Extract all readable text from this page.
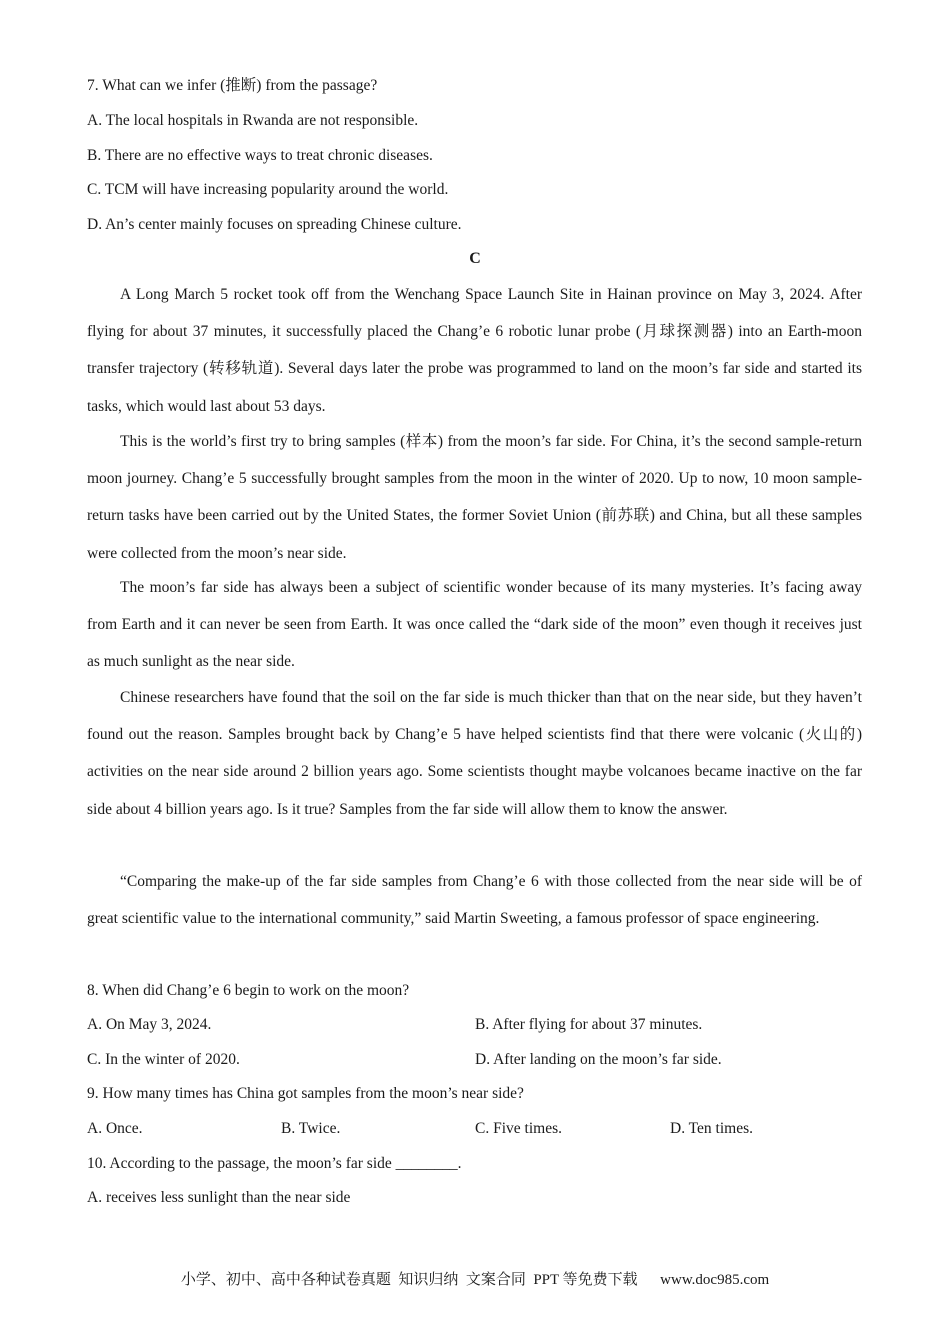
7. What can we infer (推断) from the passage?
A. The local hospitals in Rwanda are not responsible.
B. There are no effective ways to treat chronic diseases.
C. TCM will have increasing popularity around the world.
D. An’s center mainly focuses on spreading Chinese culture.
C
A Long March 5 rocket took off from the Wenchang Space Launch Site in Hainan province on May 3, 2024. After flying for about 37 minutes, it successfully placed the Chang’e 6 robotic lunar probe (月球探测器) into an Earth-moon transfer trajectory (转移轨道). Several days later the probe was programmed to land on the moon’s far side and started its tasks, which would last about 53 days.
This is the world’s first try to bring samples (样本) from the moon’s far side. For China, it’s the second sample-return moon journey. Chang’e 5 successfully brought samples from the moon in the winter of 2020. Up to now, 10 moon sample-return tasks have been carried out by the United States, the former Soviet Union (前苏联) and China, but all these samples were collected from the moon’s near side.
The moon’s far side has always been a subject of scientific wonder because of its many mysteries. It’s facing away from Earth and it can never be seen from Earth. It was once called the “dark side of the moon” even though it receives just as much sunlight as the near side.
Chinese researchers have found that the soil on the far side is much thicker than that on the near side, but they haven’t found out the reason. Samples brought back by Chang’e 5 have helped scientists find that there were volcanic (火山的) activities on the near side around 2 billion years ago. Some scientists thought maybe volcanoes became inactive on the far side about 4 billion years ago. Is it true? Samples from the far side will allow them to know the answer.
“Comparing the make-up of the far side samples from Chang’e 6 with those collected from the near side will be of great scientific value to the international community,” said Martin Sweeting, a famous professor of space engineering.
8. When did Chang’e 6 begin to work on the moon?
A. On May 3, 2024.	B. After flying for about 37 minutes.
C. In the winter of 2020.	D. After landing on the moon’s far side.
9. How many times has China got samples from the moon’s near side?
A. Once.	B. Twice.	C. Five times.	D. Ten times.
10. According to the passage, the moon’s far side ________.
A. receives less sunlight than the near side
小学、初中、高中各种试卷真题  知识归纳  文案合同  PPT 等免费下载      www.doc985.com
